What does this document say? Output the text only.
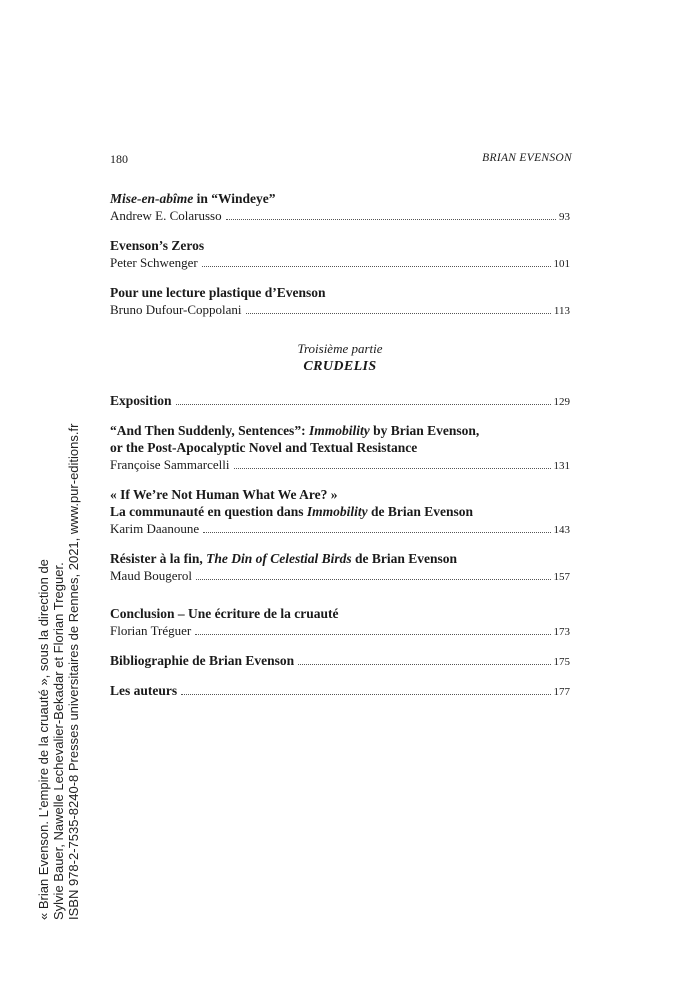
180	BRIAN EVENSON
Mise-en-abîme in “Windeye”
Andrew E. Colarusso	93
Evenson’s Zeros
Peter Schwenger	101
Pour une lecture plastique d’Evenson
Bruno Dufour-Coppolani	113
Troisième partie
CRUDELIS
Exposition	129
“And Then Suddenly, Sentences”: Immobility by Brian Evenson,
or the Post-Apocalyptic Novel and Textual Resistance
Françoise Sammarcelli	131
« If We’re Not Human What We Are? »
La communauté en question dans Immobility de Brian Evenson
Karim Daanoune	143
Résister à la fin, The Din of Celestial Birds de Brian Evenson
Maud Bougerol	157
Conclusion – Une écriture de la cruauté
Florian Tréguer	173
Bibliographie de Brian Evenson	175
Les auteurs	177
« Brian Evenson. L'empire de la cruauté », sous la direction de Sylvie Bauer, Nawelle Lechevalier-Bekadar et Florian Treguer. ISBN 978-2-7535-8240-8 Presses universitaires de Rennes, 2021, www.pur-editions.fr
